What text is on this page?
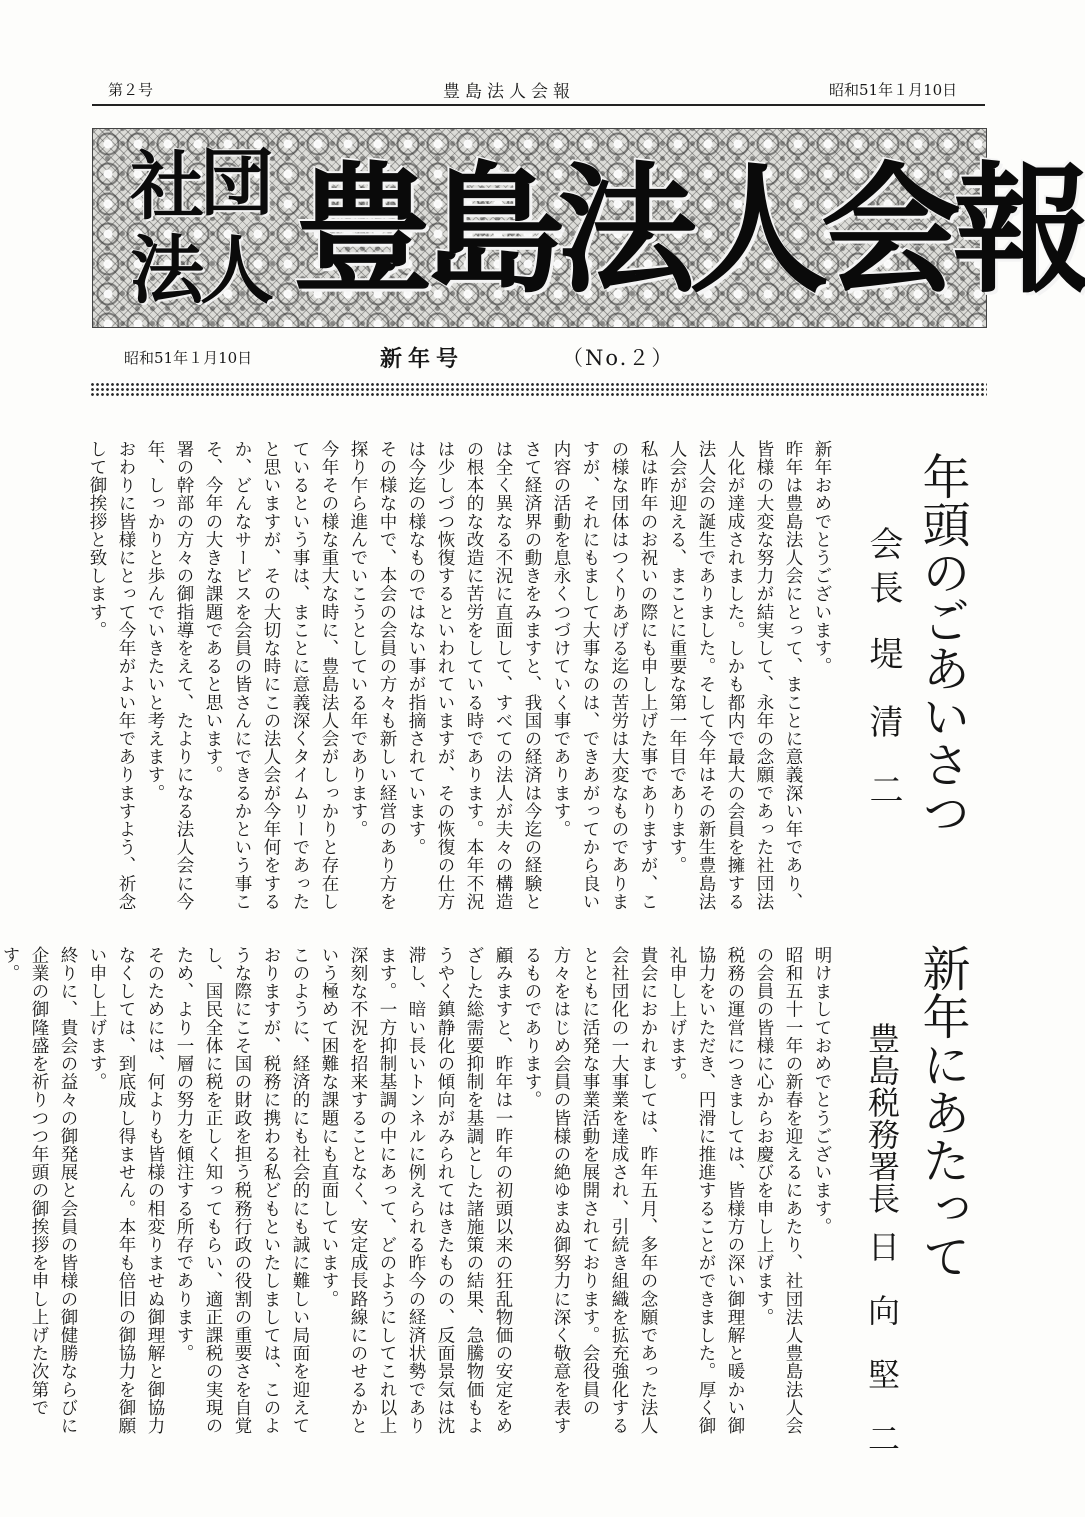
第２号	豊島法人会報	昭和51年１月10日
社
団
法
人 豊島法人会報
昭和51年１月10日	新年号	（No.２）
年頭のごあいさつ
会長
堤　清　二

新年おめでとうございます。

昨年は豊島法人会にとって、まことに意義深い年であり、皆様の大変な努力が結実して、永年の念願であった社団法人化が達成されました。しかも都内で最大の会員を擁する法人会の誕生でありました。そして今年はその新生豊島法人会が迎える、まことに重要な第一年目であります。

私は昨年のお祝いの際にも申し上げた事でありますが、この様な団体はつくりあげる迄の苦労は大変なものでありますが、それにもまして大事なのは、できあがってから良い内容の活動を息永くつづけていく事であります。

さて経済界の動きをみますと、我国の経済は今迄の経験とは全く異なる不況に直面して、すべての法人が夫々の構造の根本的な改造に苦労をしている時であります。本年不況は少しづつ恢復するといわれていますが、その恢復の仕方は今迄の様なものではない事が指摘されています。

その様な中で、本会の会員の方々も新しい経営のあり方を探り乍ら進んでいこうとしている年であります。

今年その様な重大な時に、豊島法人会がしっかりと存在しているという事は、まことに意義深くタイムリーであったと思いますが、その大切な時にこの法人会が今年何をするか、どんなサービスを会員の皆さんにできるかという事こそ、今年の大きな課題であると思います。

署の幹部の方々の御指導をえて、たよりになる法人会に今年、しっかりと歩んでいきたいと考えます。

おわりに皆様にとって今年がよい年でありますよう、祈念して御挨拶と致します。

新年にあたって
豊島税務署長
日　向　堅　二

明けましておめでとうございます。

昭和五十一年の新春を迎えるにあたり、社団法人豊島法人会の会員の皆様に心からお慶びを申し上げます。

税務の運営につきましては、皆様方の深い御理解と暖かい御協力をいただき、円滑に推進することができました。厚く御礼申し上げます。

貴会におかれましては、昨年五月、多年の念願であった法人会社団化の一大事業を達成され、引続き組織を拡充強化するとともに活発な事業活動を展開されております。会役員の方々をはじめ会員の皆様の絶ゆまぬ御努力に深く敬意を表するものであります。

顧みますと、昨年は一昨年の初頭以来の狂乱物価の安定をめざした総需要抑制を基調とした諸施策の結果、急騰物価もようやく鎮静化の傾向がみられてはきたものの、反面景気は沈滞し、暗い長いトンネルに例えられる昨今の経済状勢であります。一方抑制基調の中にあって、どのようにしてこれ以上深刻な不況を招来することなく、安定成長路線にのせるかという極めて困難な課題にも直面しています。

このように、経済的にも社会的にも誠に難しい局面を迎えておりますが、税務に携わる私どもといたしましては、このような際にこそ国の財政を担う税務行政の役割の重要さを自覚し、国民全体に税を正しく知ってもらい、適正課税の実現のため、より一層の努力を傾注する所存であります。

そのためには、何よりも皆様の相変りませぬ御理解と御協力なくしては、到底成し得ません。本年も倍旧の御協力を御願い申し上げます。

終りに、貴会の益々の御発展と会員の皆様の御健勝ならびに企業の御隆盛を祈りつつ年頭の御挨拶を申し上げた次第です。
